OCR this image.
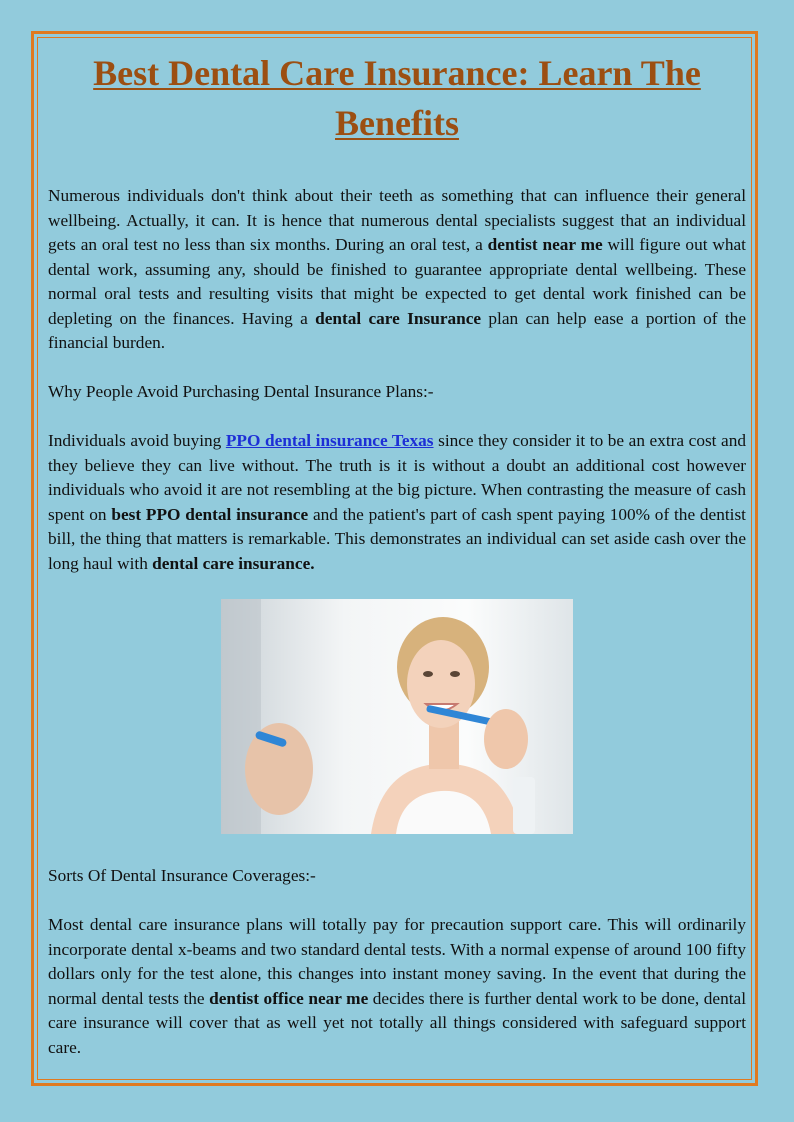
Best Dental Care Insurance: Learn The Benefits

Numerous individuals don't think about their teeth as something that can influence their general wellbeing. Actually, it can. It is hence that numerous dental specialists suggest that an individual gets an oral test no less than six months. During an oral test, a dentist near me will figure out what dental work, assuming any, should be finished to guarantee appropriate dental wellbeing. These normal oral tests and resulting visits that might be expected to get dental work finished can be depleting on the finances. Having a dental care Insurance plan can help ease a portion of the financial burden.

Why People Avoid Purchasing Dental Insurance Plans:-

Individuals avoid buying PPO dental insurance Texas since they consider it to be an extra cost and they believe they can live without. The truth is it is without a doubt an additional cost however individuals who avoid it are not resembling at the big picture. When contrasting the measure of cash spent on best PPO dental insurance and the patient's part of cash spent paying 100% of the dentist bill, the thing that matters is remarkable. This demonstrates an individual can set aside cash over the long haul with dental care insurance.

Sorts Of Dental Insurance Coverages:-

Most dental care insurance plans will totally pay for precaution support care. This will ordinarily incorporate dental x-beams and two standard dental tests. With a normal expense of around 100 fifty dollars only for the test alone, this changes into instant money saving. In the event that during the normal dental tests the dentist office near me decides there is further dental work to be done, dental care insurance will cover that as well yet not totally all things considered with safeguard support care.
